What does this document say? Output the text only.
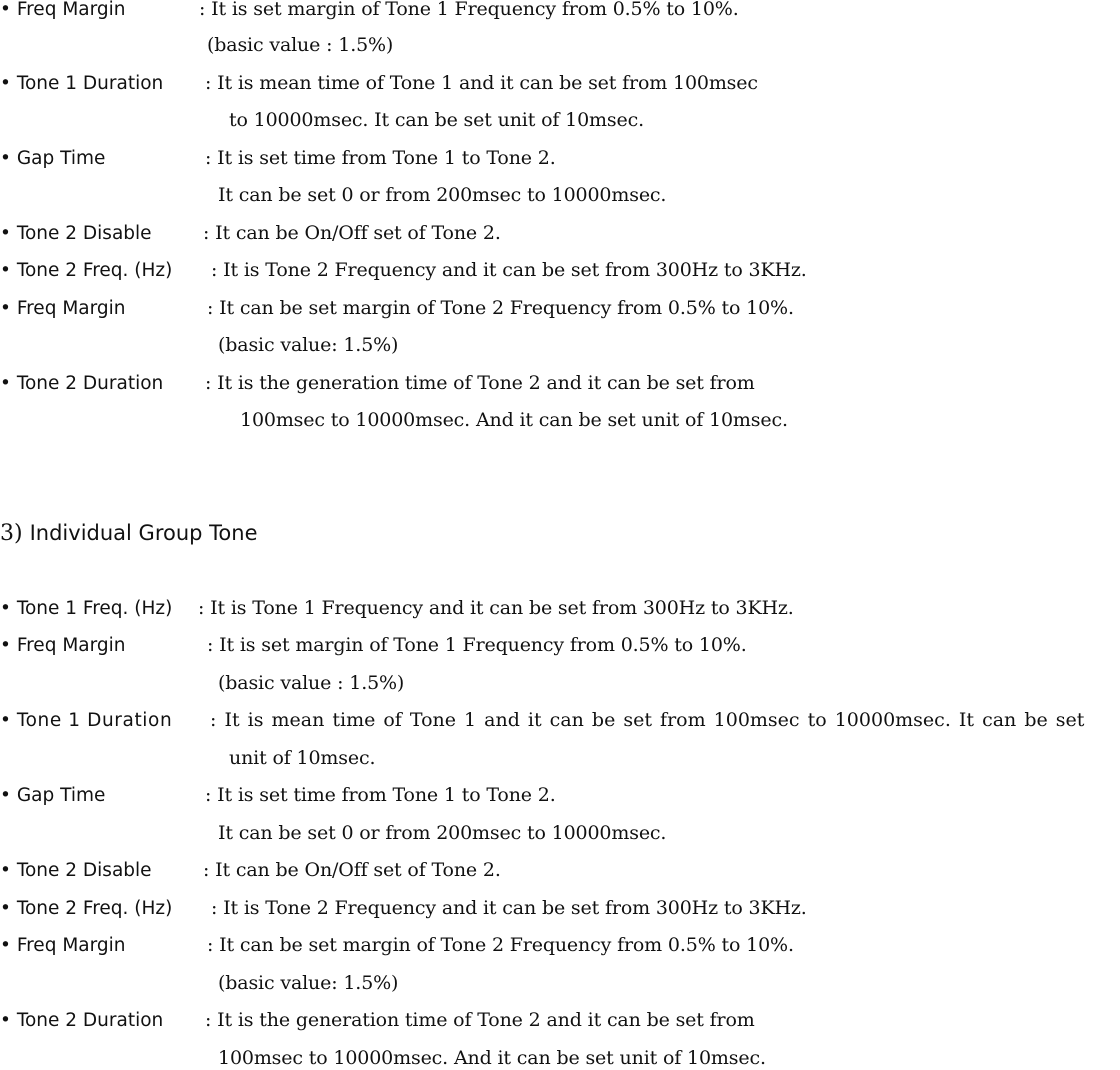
• Freq Margin	: It is set margin of Tone 1 Frequency from 0.5% to 10%.
(basic value : 1.5%)
• Tone 1 Duration : It is mean time of Tone 1 and it can be set from 100msec
to 10000msec. It can be set unit of 10msec.
• Gap Time	: It is set time from Tone 1 to Tone 2.
It can be set 0 or from 200msec to 10000msec.
• Tone 2 Disable	: It can be On/Off set of Tone 2.
• Tone 2 Freq. (Hz) : It is Tone 2 Frequency and it can be set from 300Hz to 3KHz.
• Freq Margin	: It can be set margin of Tone 2 Frequency from 0.5% to 10%.
(basic value: 1.5%)
• Tone 2 Duration : It is the generation time of Tone 2 and it can be set from
100msec to 10000msec. And it can be set unit of 10msec.
3) Individual Group Tone
• Tone 1 Freq. (Hz) : It is Tone 1 Frequency and it can be set from 300Hz to 3KHz.
• Freq Margin	: It is set margin of Tone 1 Frequency from 0.5% to 10%.
(basic value : 1.5%)
• Tone 1 Duration : It is mean time of Tone 1 and it can be set from 100msec to 10000msec. It can be set
unit of 10msec.
• Gap Time	: It is set time from Tone 1 to Tone 2.
It can be set 0 or from 200msec to 10000msec.
• Tone 2 Disable	: It can be On/Off set of Tone 2.
• Tone 2 Freq. (Hz) : It is Tone 2 Frequency and it can be set from 300Hz to 3KHz.
• Freq Margin	: It can be set margin of Tone 2 Frequency from 0.5% to 10%.
(basic value: 1.5%)
• Tone 2 Duration : It is the generation time of Tone 2 and it can be set from
100msec to 10000msec. And it can be set unit of 10msec.
